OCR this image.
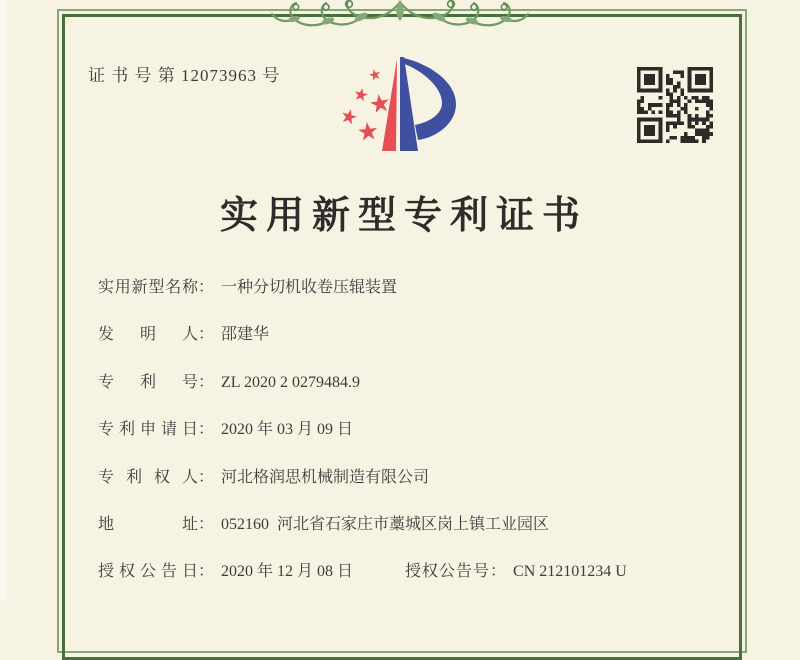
证 书 号 第 12073963 号
实用新型专利证书
实用新型名称 ： 一种分切机收卷压辊装置
发明人 ： 邵建华
专利号 ： ZL 2020 2 0279484.9
专利申请日 ： 2020 年 03 月 09 日
专利权人 ： 河北格润思机械制造有限公司
地址 ： 052160  河北省石家庄市藁城区岗上镇工业园区
授权公告日 ： 2020 年 12 月 08 日	授权公告号 ： CN 212101234 U
